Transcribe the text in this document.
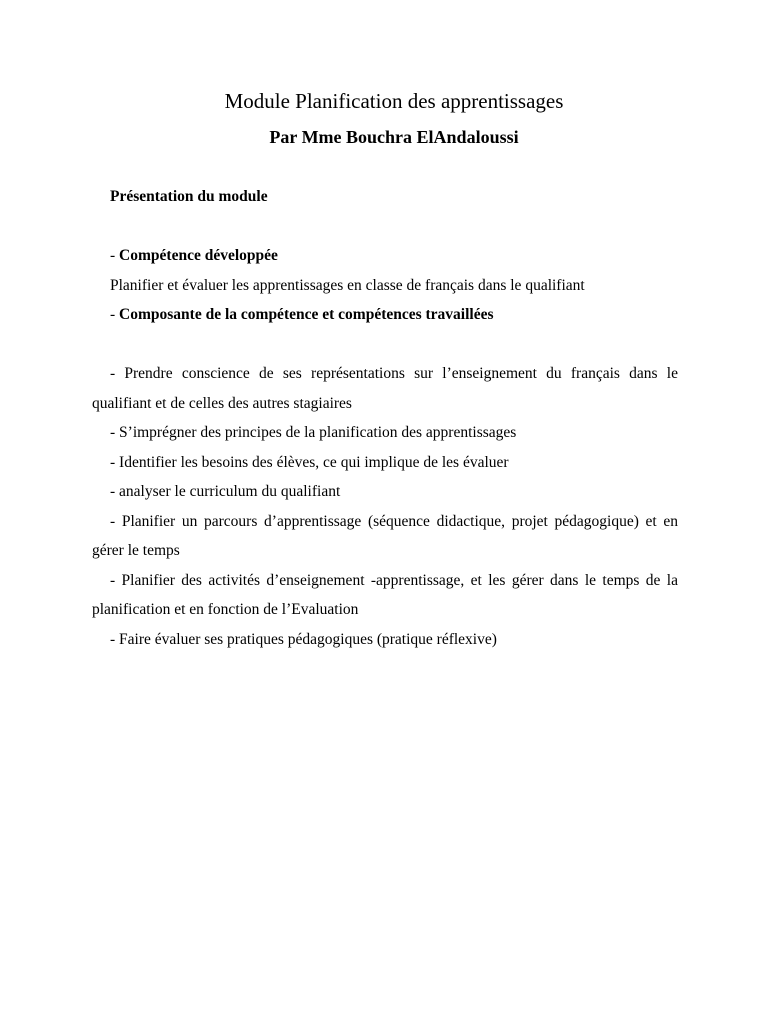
Module Planification des apprentissages
Par Mme Bouchra ElAndaloussi

Présentation du module

- Compétence développée

Planifier et évaluer les apprentissages en classe de français dans le qualifiant

- Composante de la compétence et compétences travaillées

- Prendre conscience de ses représentations sur l’enseignement du français dans le qualifiant et de celles des autres stagiaires

- S’imprégner des principes de la planification des apprentissages

- Identifier les besoins des élèves, ce qui implique de les évaluer

- analyser le curriculum du qualifiant

- Planifier un parcours d’apprentissage (séquence didactique, projet pédagogique) et en gérer le temps

- Planifier des activités d’enseignement -apprentissage, et les gérer dans le temps de la planification et en fonction de l’Evaluation

- Faire évaluer ses pratiques pédagogiques (pratique réflexive)
